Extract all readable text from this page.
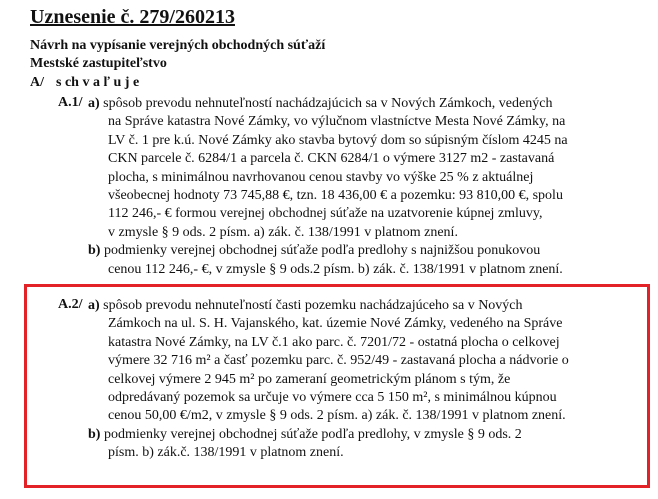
Uznesenie č. 279/260213
Návrh na vypísanie verejných obchodných súťaží
Mestské zastupiteľstvo
A/ s ch v a ľ u j e
A.1/ a) spôsob prevodu nehnuteľností nachádzajúcich sa v Nových Zámkoch, vedených
na Správe katastra Nové Zámky, vo výlučnom vlastníctve Mesta Nové Zámky, na
LV č. 1 pre k.ú. Nové Zámky ako stavba bytový dom so súpisným číslom 4245 na
CKN parcele č. 6284/1 a parcela č. CKN 6284/1 o výmere 3127 m2 - zastavaná
plocha, s minimálnou navrhovanou cenou stavby vo výške 25 % z aktuálnej
všeobecnej hodnoty 73 745,88 €, tzn. 18 436,00 € a pozemku: 93 810,00 €, spolu
112 246,- € formou verejnej obchodnej súťaže na uzatvorenie kúpnej zmluvy,
v zmysle § 9 ods. 2 písm. a) zák. č. 138/1991 v platnom znení.
b) podmienky verejnej obchodnej súťaže podľa predlohy s najnižšou ponukovou
cenou 112 246,- €, v zmysle § 9 ods.2 písm. b) zák. č. 138/1991 v platnom znení.
A.2/ a) spôsob prevodu nehnuteľností časti pozemku nachádzajúceho sa v Nových
Zámkoch na ul. S. H. Vajanského, kat. územie Nové Zámky, vedeného na Správe
katastra Nové Zámky, na LV č.1 ako parc. č. 7201/72 - ostatná plocha o celkovej
výmere 32 716 m² a časť pozemku parc. č. 952/49 - zastavaná plocha a nádvorie o
celkovej výmere 2 945 m² po zameraní geometrickým plánom s tým, že
odpredávaný pozemok sa určuje vo výmere cca 5 150 m², s minimálnou kúpnou
cenou 50,00 €/m2, v zmysle § 9 ods. 2 písm. a) zák. č. 138/1991 v platnom znení.
b) podmienky verejnej obchodnej súťaže podľa predlohy, v zmysle § 9 ods. 2
písm. b) zák.č. 138/1991 v platnom znení.
